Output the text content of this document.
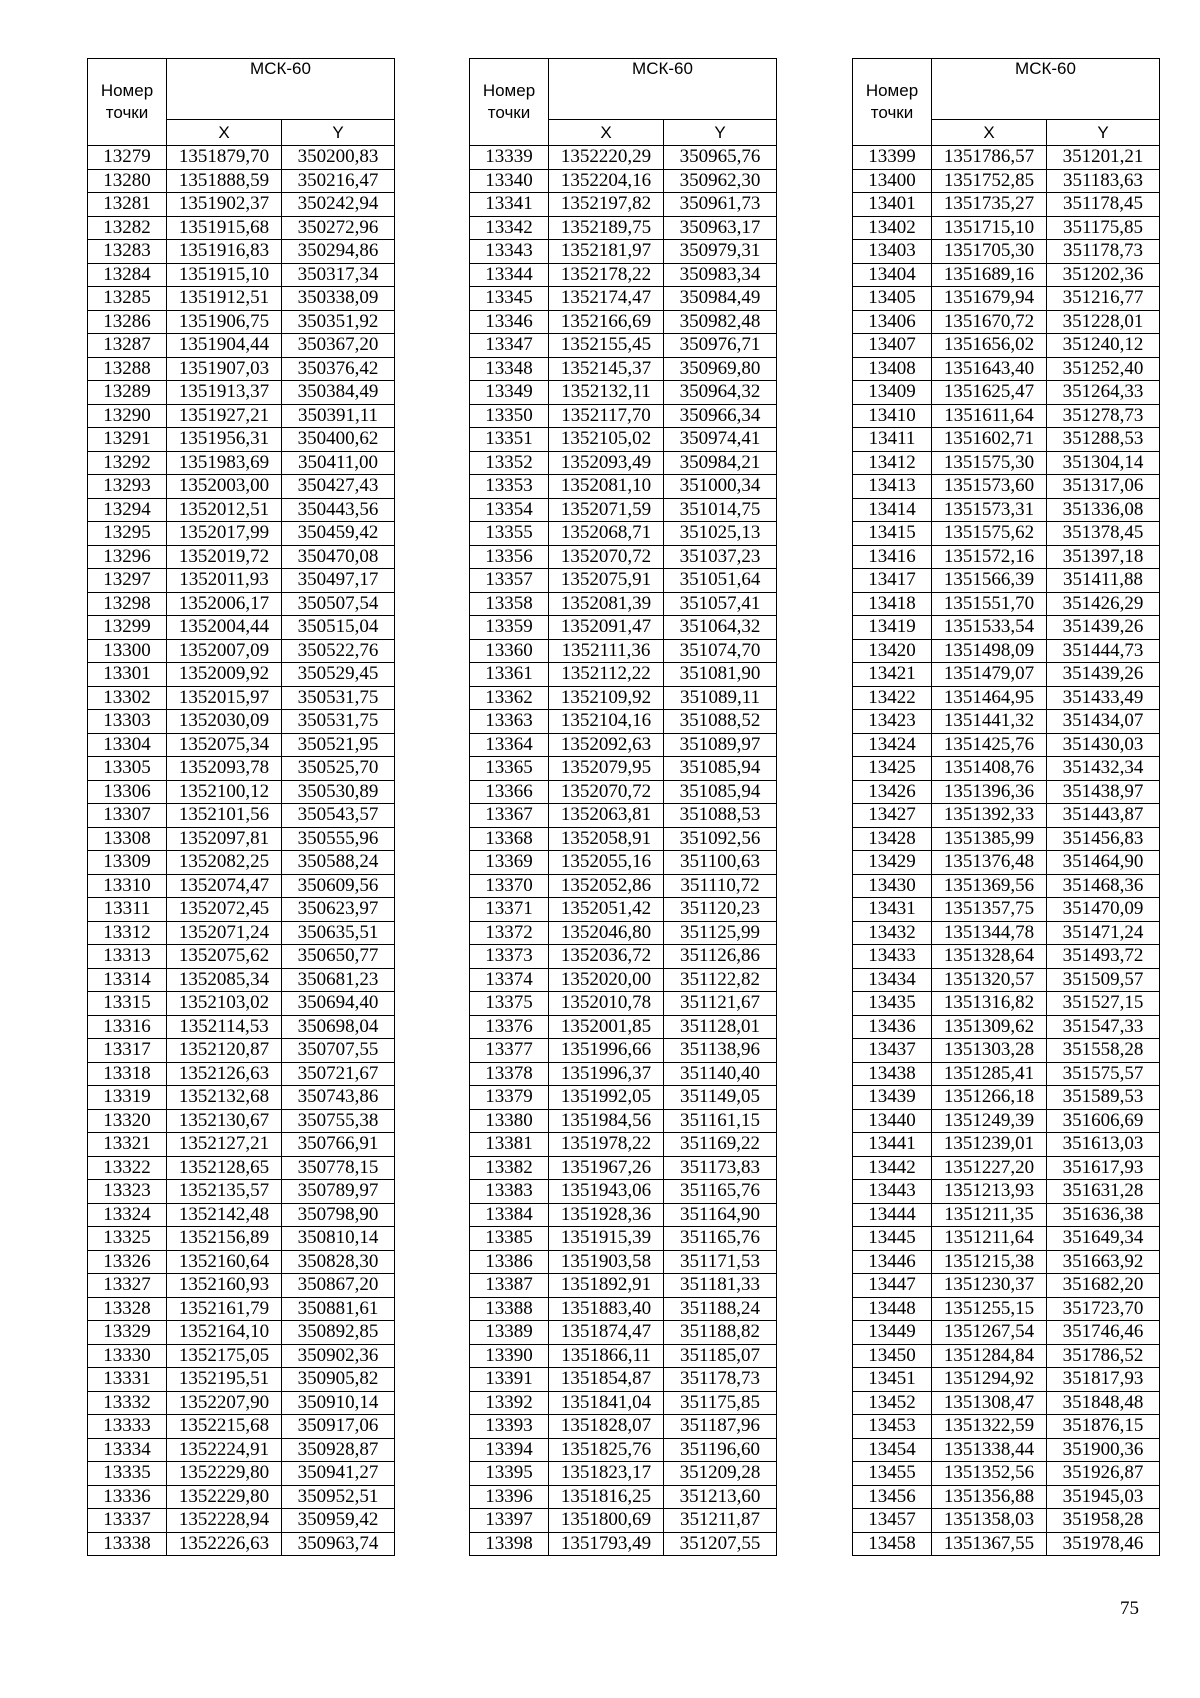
Номер точки	МСК-60	
	X	Y
13279	1351879,70	350200,83
13280	1351888,59	350216,47
13281	1351902,37	350242,94
13282	1351915,68	350272,96
13283	1351916,83	350294,86
13284	1351915,10	350317,34
13285	1351912,51	350338,09
13286	1351906,75	350351,92
13287	1351904,44	350367,20
13288	1351907,03	350376,42
13289	1351913,37	350384,49
13290	1351927,21	350391,11
13291	1351956,31	350400,62
13292	1351983,69	350411,00
13293	1352003,00	350427,43
13294	1352012,51	350443,56
13295	1352017,99	350459,42
13296	1352019,72	350470,08
13297	1352011,93	350497,17
13298	1352006,17	350507,54
13299	1352004,44	350515,04
13300	1352007,09	350522,76
13301	1352009,92	350529,45
13302	1352015,97	350531,75
13303	1352030,09	350531,75
13304	1352075,34	350521,95
13305	1352093,78	350525,70
13306	1352100,12	350530,89
13307	1352101,56	350543,57
13308	1352097,81	350555,96
13309	1352082,25	350588,24
13310	1352074,47	350609,56
13311	1352072,45	350623,97
13312	1352071,24	350635,51
13313	1352075,62	350650,77
13314	1352085,34	350681,23
13315	1352103,02	350694,40
13316	1352114,53	350698,04
13317	1352120,87	350707,55
13318	1352126,63	350721,67
13319	1352132,68	350743,86
13320	1352130,67	350755,38
13321	1352127,21	350766,91
13322	1352128,65	350778,15
13323	1352135,57	350789,97
13324	1352142,48	350798,90
13325	1352156,89	350810,14
13326	1352160,64	350828,30
13327	1352160,93	350867,20
13328	1352161,79	350881,61
13329	1352164,10	350892,85
13330	1352175,05	350902,36
13331	1352195,51	350905,82
13332	1352207,90	350910,14
13333	1352215,68	350917,06
13334	1352224,91	350928,87
13335	1352229,80	350941,27
13336	1352229,80	350952,51
13337	1352228,94	350959,42
13338	1352226,63	350963,74
Номер точки	МСК-60	
	X	Y
13339	1352220,29	350965,76
13340	1352204,16	350962,30
13341	1352197,82	350961,73
13342	1352189,75	350963,17
13343	1352181,97	350979,31
13344	1352178,22	350983,34
13345	1352174,47	350984,49
13346	1352166,69	350982,48
13347	1352155,45	350976,71
13348	1352145,37	350969,80
13349	1352132,11	350964,32
13350	1352117,70	350966,34
13351	1352105,02	350974,41
13352	1352093,49	350984,21
13353	1352081,10	351000,34
13354	1352071,59	351014,75
13355	1352068,71	351025,13
13356	1352070,72	351037,23
13357	1352075,91	351051,64
13358	1352081,39	351057,41
13359	1352091,47	351064,32
13360	1352111,36	351074,70
13361	1352112,22	351081,90
13362	1352109,92	351089,11
13363	1352104,16	351088,52
13364	1352092,63	351089,97
13365	1352079,95	351085,94
13366	1352070,72	351085,94
13367	1352063,81	351088,53
13368	1352058,91	351092,56
13369	1352055,16	351100,63
13370	1352052,86	351110,72
13371	1352051,42	351120,23
13372	1352046,80	351125,99
13373	1352036,72	351126,86
13374	1352020,00	351122,82
13375	1352010,78	351121,67
13376	1352001,85	351128,01
13377	1351996,66	351138,96
13378	1351996,37	351140,40
13379	1351992,05	351149,05
13380	1351984,56	351161,15
13381	1351978,22	351169,22
13382	1351967,26	351173,83
13383	1351943,06	351165,76
13384	1351928,36	351164,90
13385	1351915,39	351165,76
13386	1351903,58	351171,53
13387	1351892,91	351181,33
13388	1351883,40	351188,24
13389	1351874,47	351188,82
13390	1351866,11	351185,07
13391	1351854,87	351178,73
13392	1351841,04	351175,85
13393	1351828,07	351187,96
13394	1351825,76	351196,60
13395	1351823,17	351209,28
13396	1351816,25	351213,60
13397	1351800,69	351211,87
13398	1351793,49	351207,55
Номер точки	МСК-60	
	X	Y
13399	1351786,57	351201,21
13400	1351752,85	351183,63
13401	1351735,27	351178,45
13402	1351715,10	351175,85
13403	1351705,30	351178,73
13404	1351689,16	351202,36
13405	1351679,94	351216,77
13406	1351670,72	351228,01
13407	1351656,02	351240,12
13408	1351643,40	351252,40
13409	1351625,47	351264,33
13410	1351611,64	351278,73
13411	1351602,71	351288,53
13412	1351575,30	351304,14
13413	1351573,60	351317,06
13414	1351573,31	351336,08
13415	1351575,62	351378,45
13416	1351572,16	351397,18
13417	1351566,39	351411,88
13418	1351551,70	351426,29
13419	1351533,54	351439,26
13420	1351498,09	351444,73
13421	1351479,07	351439,26
13422	1351464,95	351433,49
13423	1351441,32	351434,07
13424	1351425,76	351430,03
13425	1351408,76	351432,34
13426	1351396,36	351438,97
13427	1351392,33	351443,87
13428	1351385,99	351456,83
13429	1351376,48	351464,90
13430	1351369,56	351468,36
13431	1351357,75	351470,09
13432	1351344,78	351471,24
13433	1351328,64	351493,72
13434	1351320,57	351509,57
13435	1351316,82	351527,15
13436	1351309,62	351547,33
13437	1351303,28	351558,28
13438	1351285,41	351575,57
13439	1351266,18	351589,53
13440	1351249,39	351606,69
13441	1351239,01	351613,03
13442	1351227,20	351617,93
13443	1351213,93	351631,28
13444	1351211,35	351636,38
13445	1351211,64	351649,34
13446	1351215,38	351663,92
13447	1351230,37	351682,20
13448	1351255,15	351723,70
13449	1351267,54	351746,46
13450	1351284,84	351786,52
13451	1351294,92	351817,93
13452	1351308,47	351848,48
13453	1351322,59	351876,15
13454	1351338,44	351900,36
13455	1351352,56	351926,87
13456	1351356,88	351945,03
13457	1351358,03	351958,28
13458	1351367,55	351978,46
75
